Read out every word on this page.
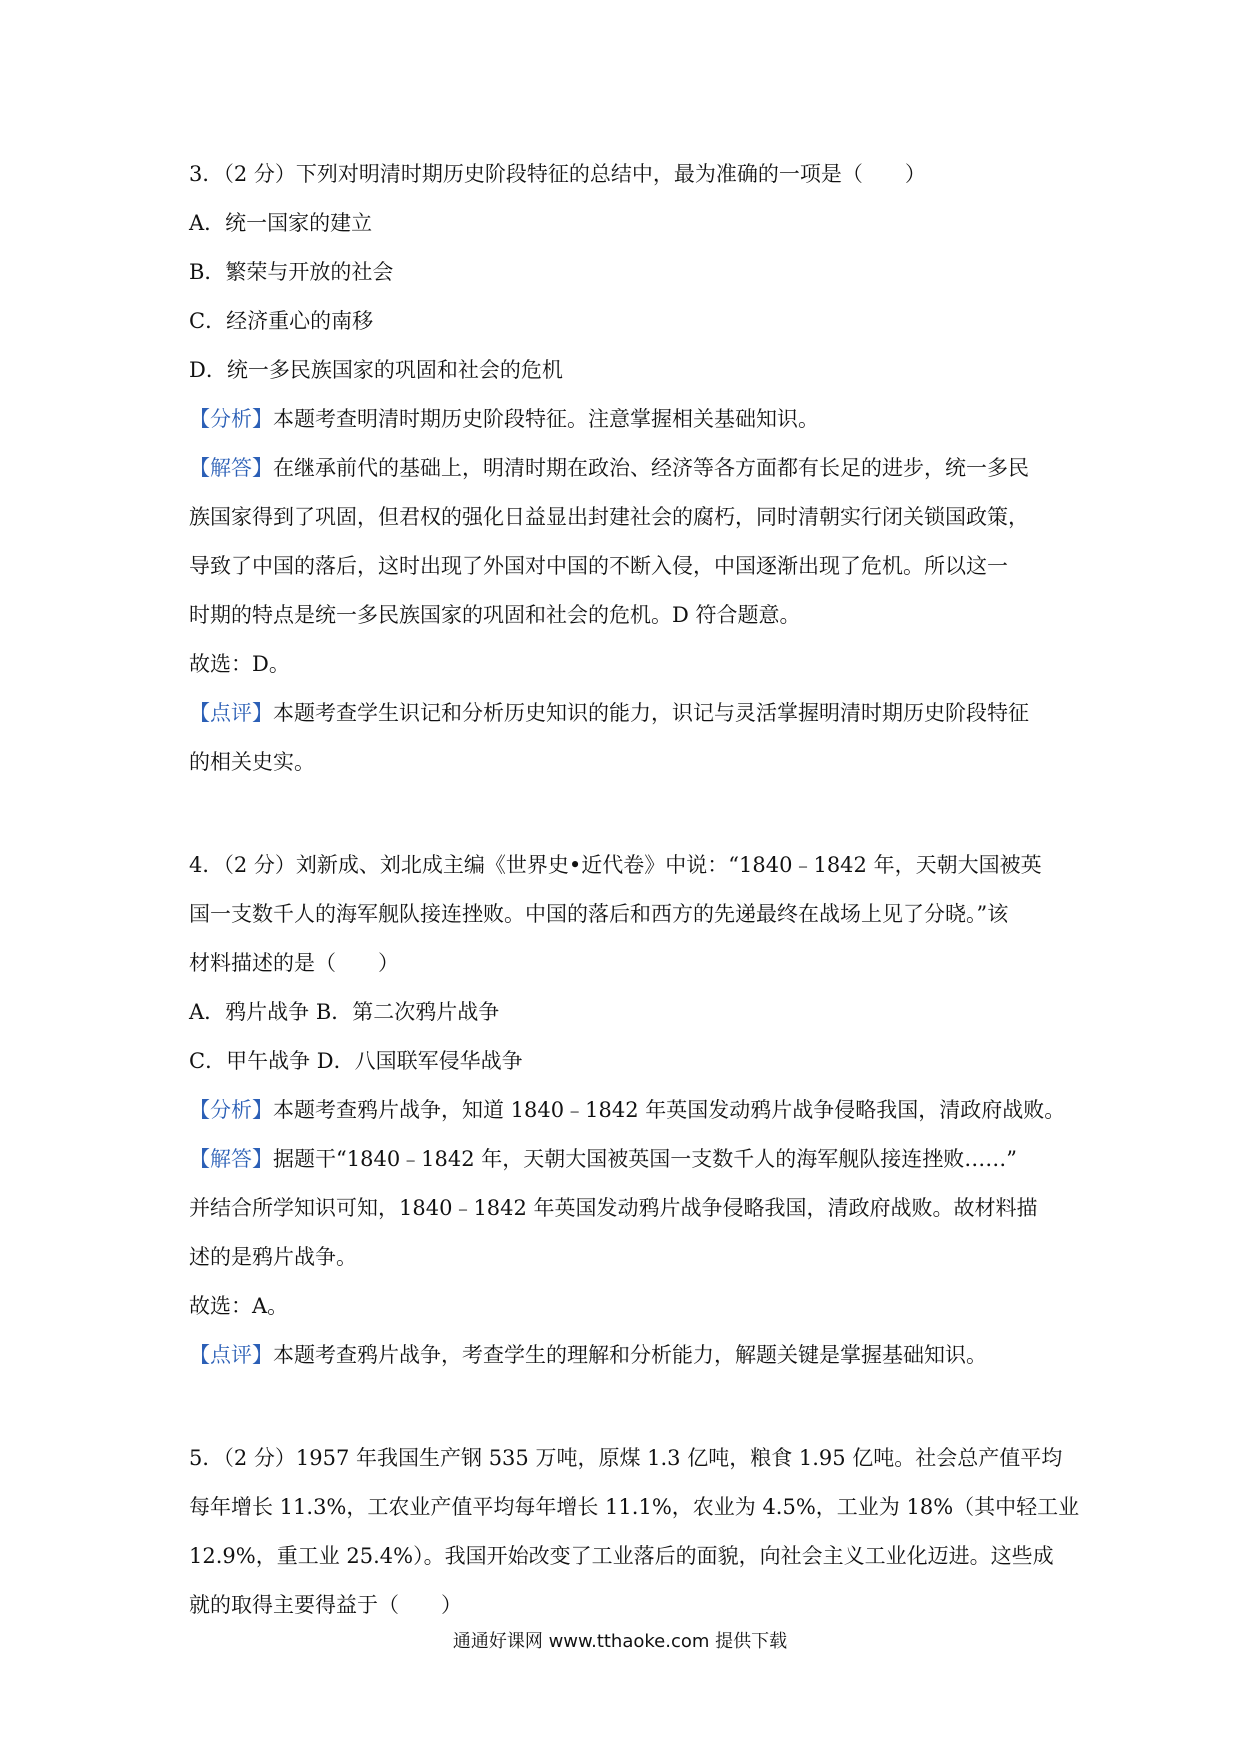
3．（2 分）下列对明清时期历史阶段特征的总结中，最为准确的一项是（　　）
A．统一国家的建立
B．繁荣与开放的社会
C．经济重心的南移
D．统一多民族国家的巩固和社会的危机
【分析】本题考查明清时期历史阶段特征。注意掌握相关基础知识。
【解答】在继承前代的基础上，明清时期在政治、经济等各方面都有长足的进步，统一多民
族国家得到了巩固，但君权的强化日益显出封建社会的腐朽，同时清朝实行闭关锁国政策，
导致了中国的落后，这时出现了外国对中国的不断入侵，中国逐渐出现了危机。所以这一
时期的特点是统一多民族国家的巩固和社会的危机。D 符合题意。
故选：D。
【点评】本题考查学生识记和分析历史知识的能力，识记与灵活掌握明清时期历史阶段特征
的相关史实。
4．（2 分）刘新成、刘北成主编《世界史•近代卷》中说：“1840﹣1842 年，天朝大国被英
国一支数千人的海军舰队接连挫败。中国的落后和西方的先递最终在战场上见了分晓。”该
材料描述的是（　　）
A．鸦片战争 B．第二次鸦片战争
C．甲午战争 D．八国联军侵华战争
【分析】本题考查鸦片战争，知道 1840﹣1842 年英国发动鸦片战争侵略我国，清政府战败。
【解答】据题干“1840﹣1842 年，天朝大国被英国一支数千人的海军舰队接连挫败……”
并结合所学知识可知，1840﹣1842 年英国发动鸦片战争侵略我国，清政府战败。故材料描
述的是鸦片战争。
故选：A。
【点评】本题考查鸦片战争，考查学生的理解和分析能力，解题关键是掌握基础知识。
5．（2 分）1957 年我国生产钢 535 万吨，原煤 1.3 亿吨，粮食 1.95 亿吨。社会总产值平均
每年增长 11.3%，工农业产值平均每年增长 11.1%，农业为 4.5%，工业为 18%（其中轻工业
12.9%，重工业 25.4%）。我国开始改变了工业落后的面貌，向社会主义工业化迈进。这些成
就的取得主要得益于（　　）
通通好课网 www.tthaoke.com 提供下载
